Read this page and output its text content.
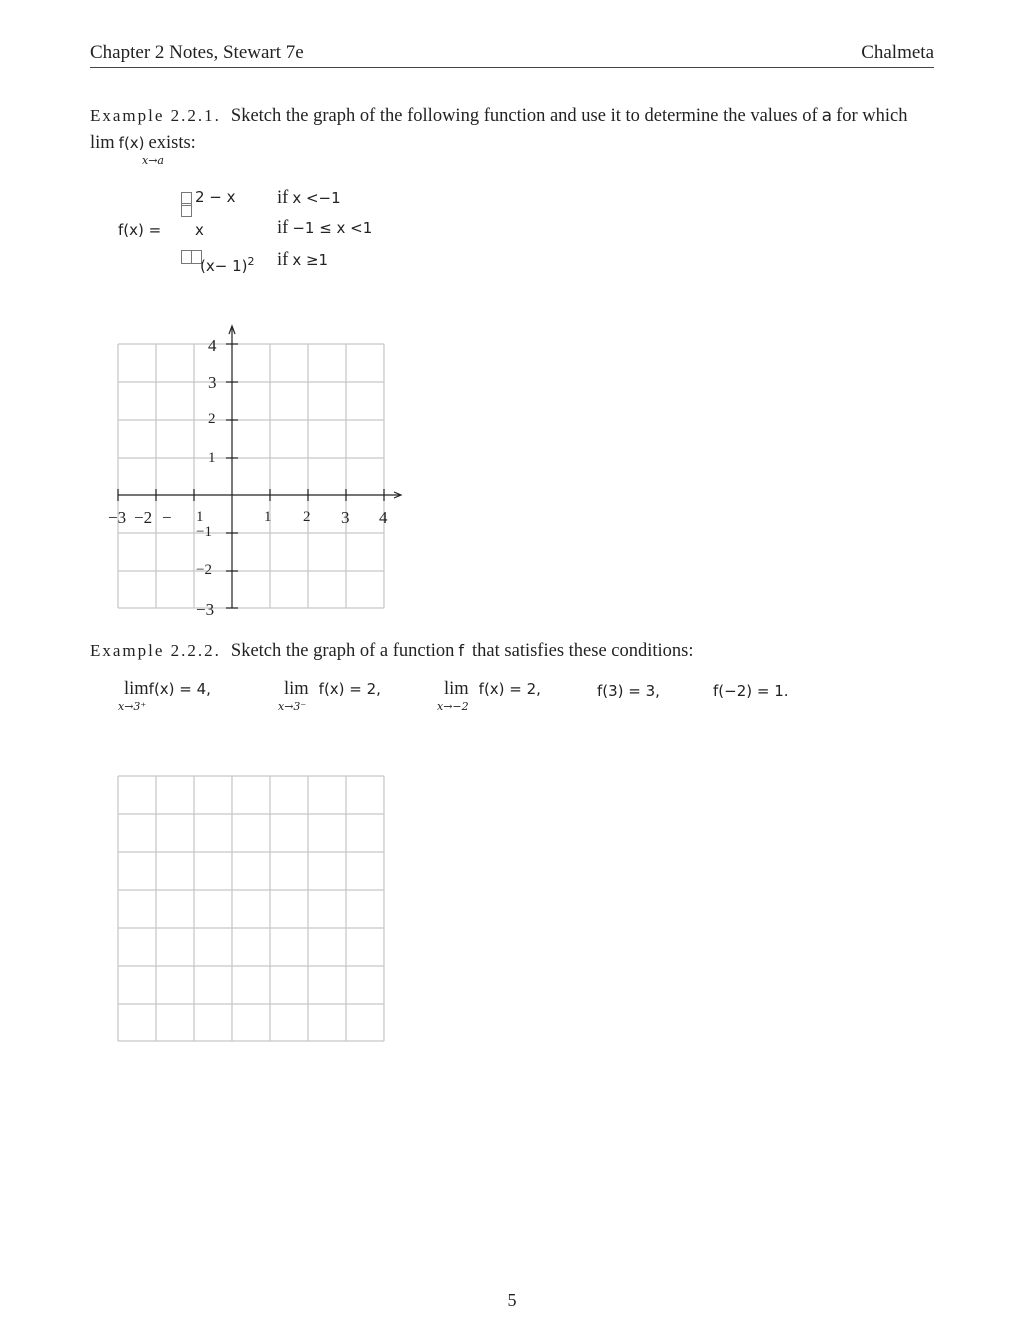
Chapter 2 Notes, Stewart 7e	Chalmeta
Example 2.2.1. Sketch the graph of the following function and use it to determine the values of a for which
lim f(x) exists:
x→a
f(x) =
2 − x
x
$(x- 1)^2$
if x <−1
if −1 ≤ x <1
if x ≥1
−3 −2 − 1	1 2 3 4
4
3
2
1
−1
−2
−3
Example 2.2.2. Sketch the graph of a function f that satisfies these conditions:
limf(x) = 4,
x→3⁺
lim f(x) = 2,
x→3⁻
lim f(x) = 2,
x→−2
f(3) = 3,	f(−2) = 1.
5
